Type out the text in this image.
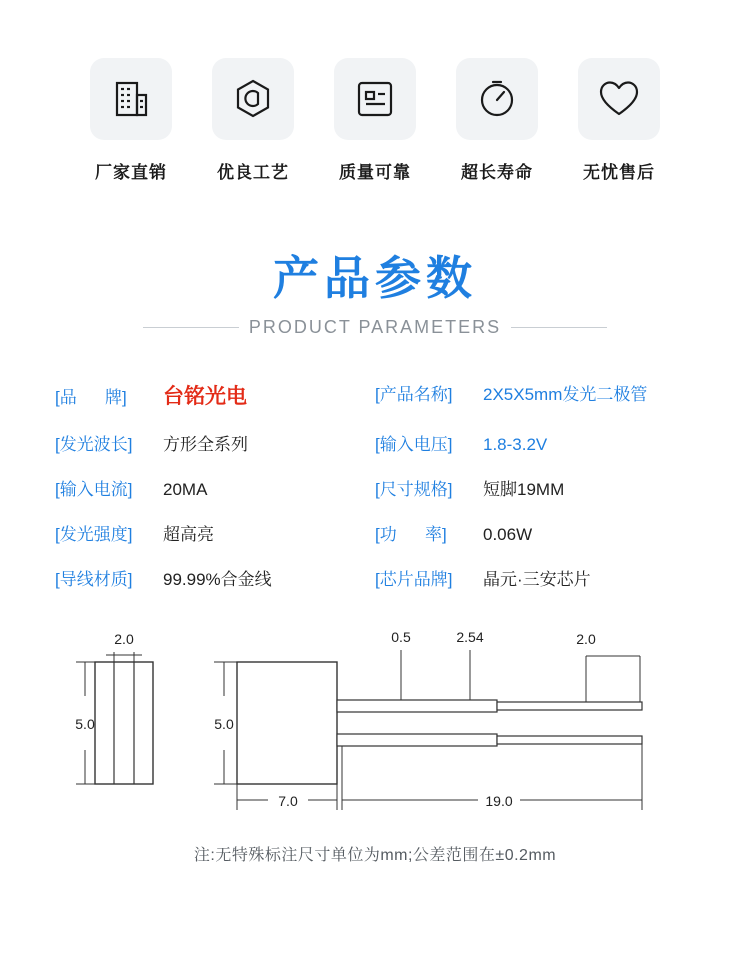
厂家直销	优良工艺	质量可靠	超长寿命	无忧售后
产品参数
PRODUCT PARAMETERS
[品      牌]	台铭光电	[产品名称]	2X5X5mm发光二极管
[发光波长]	方形全系列	[输入电压]	1.8-3.2V
[输入电流]	20MA	[尺寸规格]	短脚19MM
[发光强度]	超高亮	[功      率]	0.06W
[导线材质]	99.99%合金线	[芯片品牌]	晶元·三安芯片
2.0
5.0	5.0
0.5	2.54	2.0
7.0	19.0
注:无特殊标注尺寸单位为mm;公差范围在±0.2mm
